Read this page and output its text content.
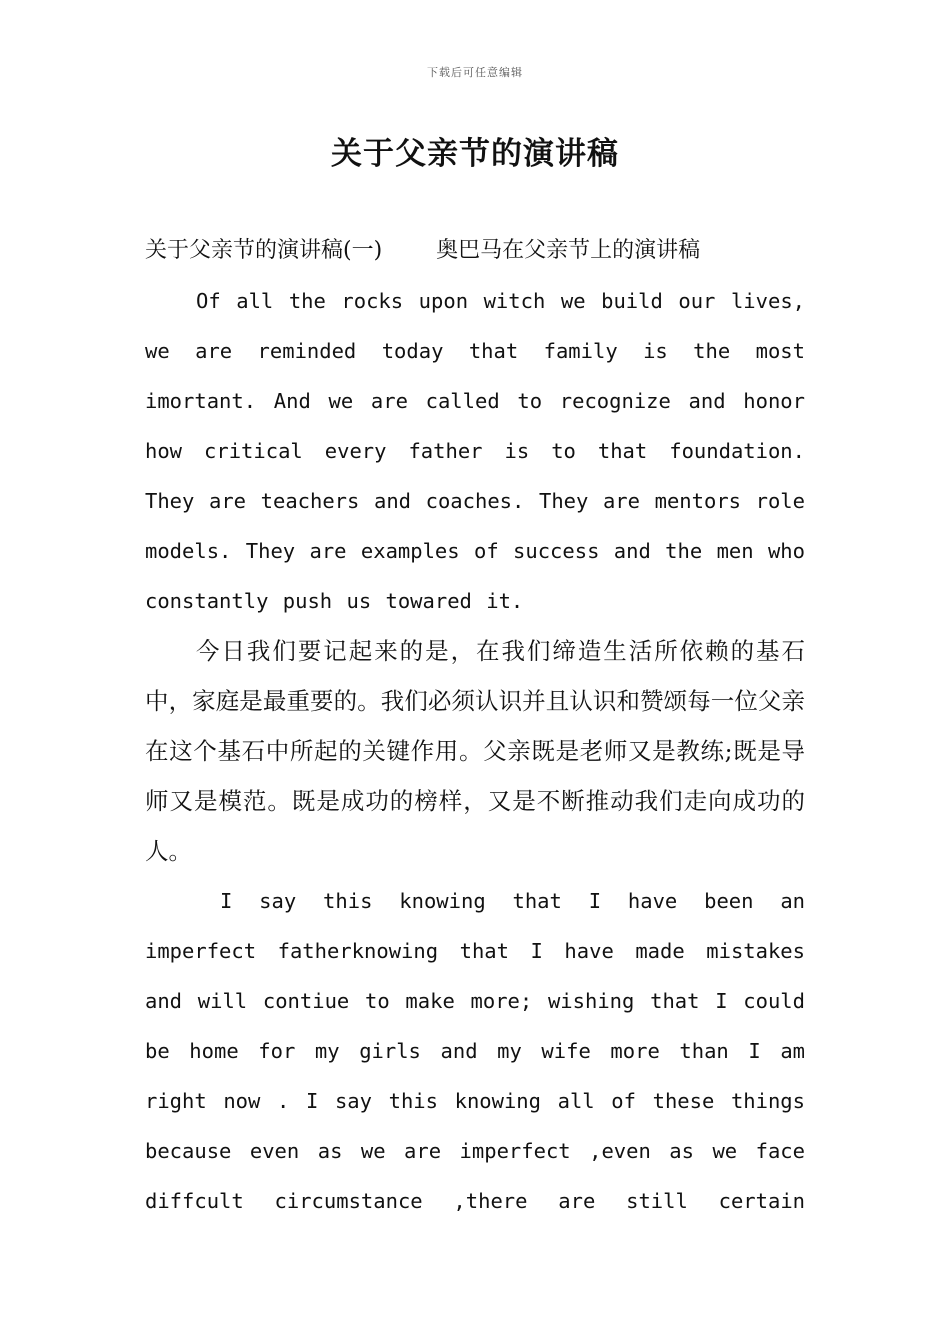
下载后可任意编辑
关于父亲节的演讲稿
关于父亲节的演讲稿(一) 奥巴马在父亲节上的演讲稿

Of all the rocks upon witch we build our lives, we are reminded today that family is the most imortant. And we are called to recognize and honor how critical every father is to that foundation. They are teachers and coaches. They are mentors role models. They are examples of success and the men who constantly push us towared it.

今日我们要记起来的是，在我们缔造生活所依赖的基石中，家庭是最重要的。我们必须认识并且认识和赞颂每一位父亲在这个基石中所起的关键作用。父亲既是老师又是教练;既是导师又是模范。既是成功的榜样，又是不断推动我们走向成功的人。

I say this knowing that I have been an imperfect fatherknowing that I have made mistakes and will contiue to make more; wishing that I could be home for my girls and my wife more than I am right now . I say this knowing all of these things because even as we are imperfect ,even as we face diffcult circumstance ,there are still certain
